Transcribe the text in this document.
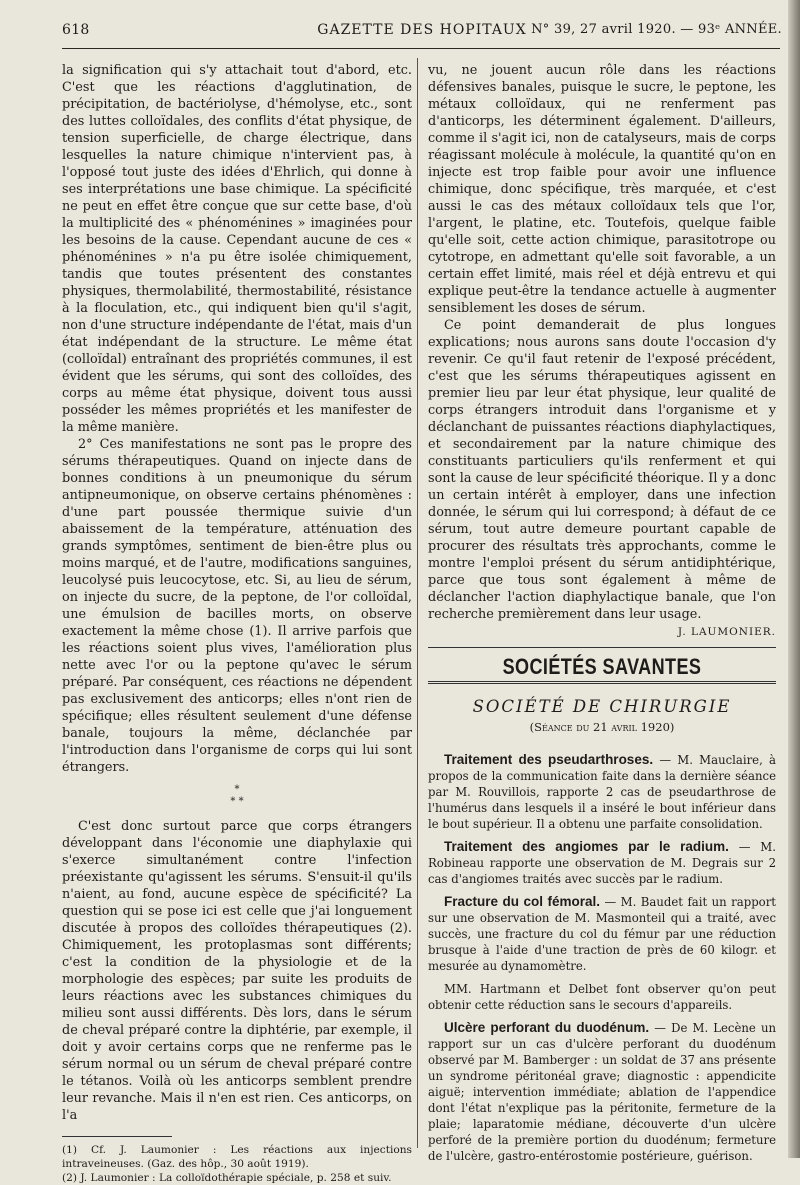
618	GAZETTE DES HOPITAUX N° 39, 27 avril 1920. — 93ᵉ ANNÉE.

la signification qui s'y attachait tout d'abord, etc. C'est que les réactions d'agglutination, de précipitation, de bactériolyse, d'hémolyse, etc., sont des luttes colloïdales, des conflits d'état physique, de tension superficielle, de charge électrique, dans lesquelles la nature chimique n'intervient pas, à l'opposé tout juste des idées d'Ehrlich, qui donne à ses interprétations une base chimique. La spécificité ne peut en effet être conçue que sur cette base, d'où la multiplicité des « phénoménines » imaginées pour les besoins de la cause. Cependant aucune de ces « phénoménines » n'a pu être isolée chimiquement, tandis que toutes présentent des constantes physiques, thermolabilité, thermostabilité, résistance à la floculation, etc., qui indiquent bien qu'il s'agit, non d'une structure indépendante de l'état, mais d'un état indépendant de la structure. Le même état (colloïdal) entraînant des propriétés communes, il est évident que les sérums, qui sont des colloïdes, des corps au même état physique, doivent tous aussi posséder les mêmes propriétés et les manifester de la même manière.

2° Ces manifestations ne sont pas le propre des sérums thérapeutiques. Quand on injecte dans de bonnes conditions à un pneumonique du sérum antipneumonique, on observe certains phénomènes : d'une part poussée thermique suivie d'un abaissement de la température, atténuation des grands symptômes, sentiment de bien-être plus ou moins marqué, et de l'autre, modifications sanguines, leucolysé puis leucocytose, etc. Si, au lieu de sérum, on injecte du sucre, de la peptone, de l'or colloïdal, une émulsion de bacilles morts, on observe exactement la même chose (1). Il arrive parfois que les réactions soient plus vives, l'amélioration plus nette avec l'or ou la peptone qu'avec le sérum préparé. Par conséquent, ces réactions ne dépendent pas exclusivement des anticorps; elles n'ont rien de spécifique; elles résultent seulement d'une défense banale, toujours la même, déclanchée par l'introduction dans l'organisme de corps qui lui sont étrangers.

*
* *

C'est donc surtout parce que corps étrangers développant dans l'économie une diaphylaxie qui s'exerce simultanément contre l'infection préexistante qu'agissent les sérums. S'ensuit-il qu'ils n'aient, au fond, aucune espèce de spécificité? La question qui se pose ici est celle que j'ai longuement discutée à propos des colloïdes thérapeutiques (2). Chimiquement, les protoplasmas sont différents; c'est la condition de la physiologie et de la morphologie des espèces; par suite les produits de leurs réactions avec les substances chimiques du milieu sont aussi différents. Dès lors, dans le sérum de cheval préparé contre la diphtérie, par exemple, il doit y avoir certains corps que ne renferme pas le sérum normal ou un sérum de cheval préparé contre le tétanos. Voilà où les anticorps semblent prendre leur revanche. Mais il n'en est rien. Ces anticorps, on l'a

(1) Cf. J. Laumonier : Les réactions aux injections intraveineuses. (Gaz. des hôp., 30 août 1919).

(2) J. Laumonier : La colloïdothérapie spéciale, p. 258 et suiv.

vu, ne jouent aucun rôle dans les réactions défensives banales, puisque le sucre, le peptone, les métaux colloïdaux, qui ne renferment pas d'anticorps, les déterminent également. D'ailleurs, comme il s'agit ici, non de catalyseurs, mais de corps réagissant molécule à molécule, la quantité qu'on en injecte est trop faible pour avoir une influence chimique, donc spécifique, très marquée, et c'est aussi le cas des métaux colloïdaux tels que l'or, l'argent, le platine, etc. Toutefois, quelque faible qu'elle soit, cette action chimique, parasitotrope ou cytotrope, en admettant qu'elle soit favorable, a un certain effet limité, mais réel et déjà entrevu et qui explique peut-être la tendance actuelle à augmenter sensiblement les doses de sérum.

Ce point demanderait de plus longues explications; nous aurons sans doute l'occasion d'y revenir. Ce qu'il faut retenir de l'exposé précédent, c'est que les sérums thérapeutiques agissent en premier lieu par leur état physique, leur qualité de corps étrangers introduit dans l'organisme et y déclanchant de puissantes réactions diaphylactiques, et secondairement par la nature chimique des constituants particuliers qu'ils renferment et qui sont la cause de leur spécificité théorique. Il y a donc un certain intérêt à employer, dans une infection donnée, le sérum qui lui correspond; à défaut de ce sérum, tout autre demeure pourtant capable de procurer des résultats très approchants, comme le montre l'emploi présent du sérum antidiphtérique, parce que tous sont également à même de déclancher l'action diaphylactique banale, que l'on recherche premièrement dans leur usage.

J. LAUMONIER.
SOCIÉTÉS SAVANTES
SOCIÉTÉ DE CHIRURGIE
(Séance du 21 avril 1920)

Traitement des pseudarthroses. — M. Mauclaire, à propos de la communication faite dans la dernière séance par M. Rouvillois, rapporte 2 cas de pseudarthrose de l'humérus dans lesquels il a inséré le bout inférieur dans le bout supérieur. Il a obtenu une parfaite consolidation.

Traitement des angiomes par le radium. — M. Robineau rapporte une observation de M. Degrais sur 2 cas d'angiomes traités avec succès par le radium.

Fracture du col fémoral. — M. Baudet fait un rapport sur une observation de M. Masmonteil qui a traité, avec succès, une fracture du col du fémur par une réduction brusque à l'aide d'une traction de près de 60 kilogr. et mesurée au dynamomètre.

MM. Hartmann et Delbet font observer qu'on peut obtenir cette réduction sans le secours d'appareils.

Ulcère perforant du duodénum. — De M. Lecène un rapport sur un cas d'ulcère perforant du duodénum observé par M. Bamberger : un soldat de 37 ans présente un syndrome péritonéal grave; diagnostic : appendicite aiguë; intervention immédiate; ablation de l'appendice dont l'état n'explique pas la péritonite, fermeture de la plaie; laparatomie médiane, découverte d'un ulcère perforé de la première portion du duodénum; fermeture de l'ulcère, gastro-entérostomie postérieure, guérison.
